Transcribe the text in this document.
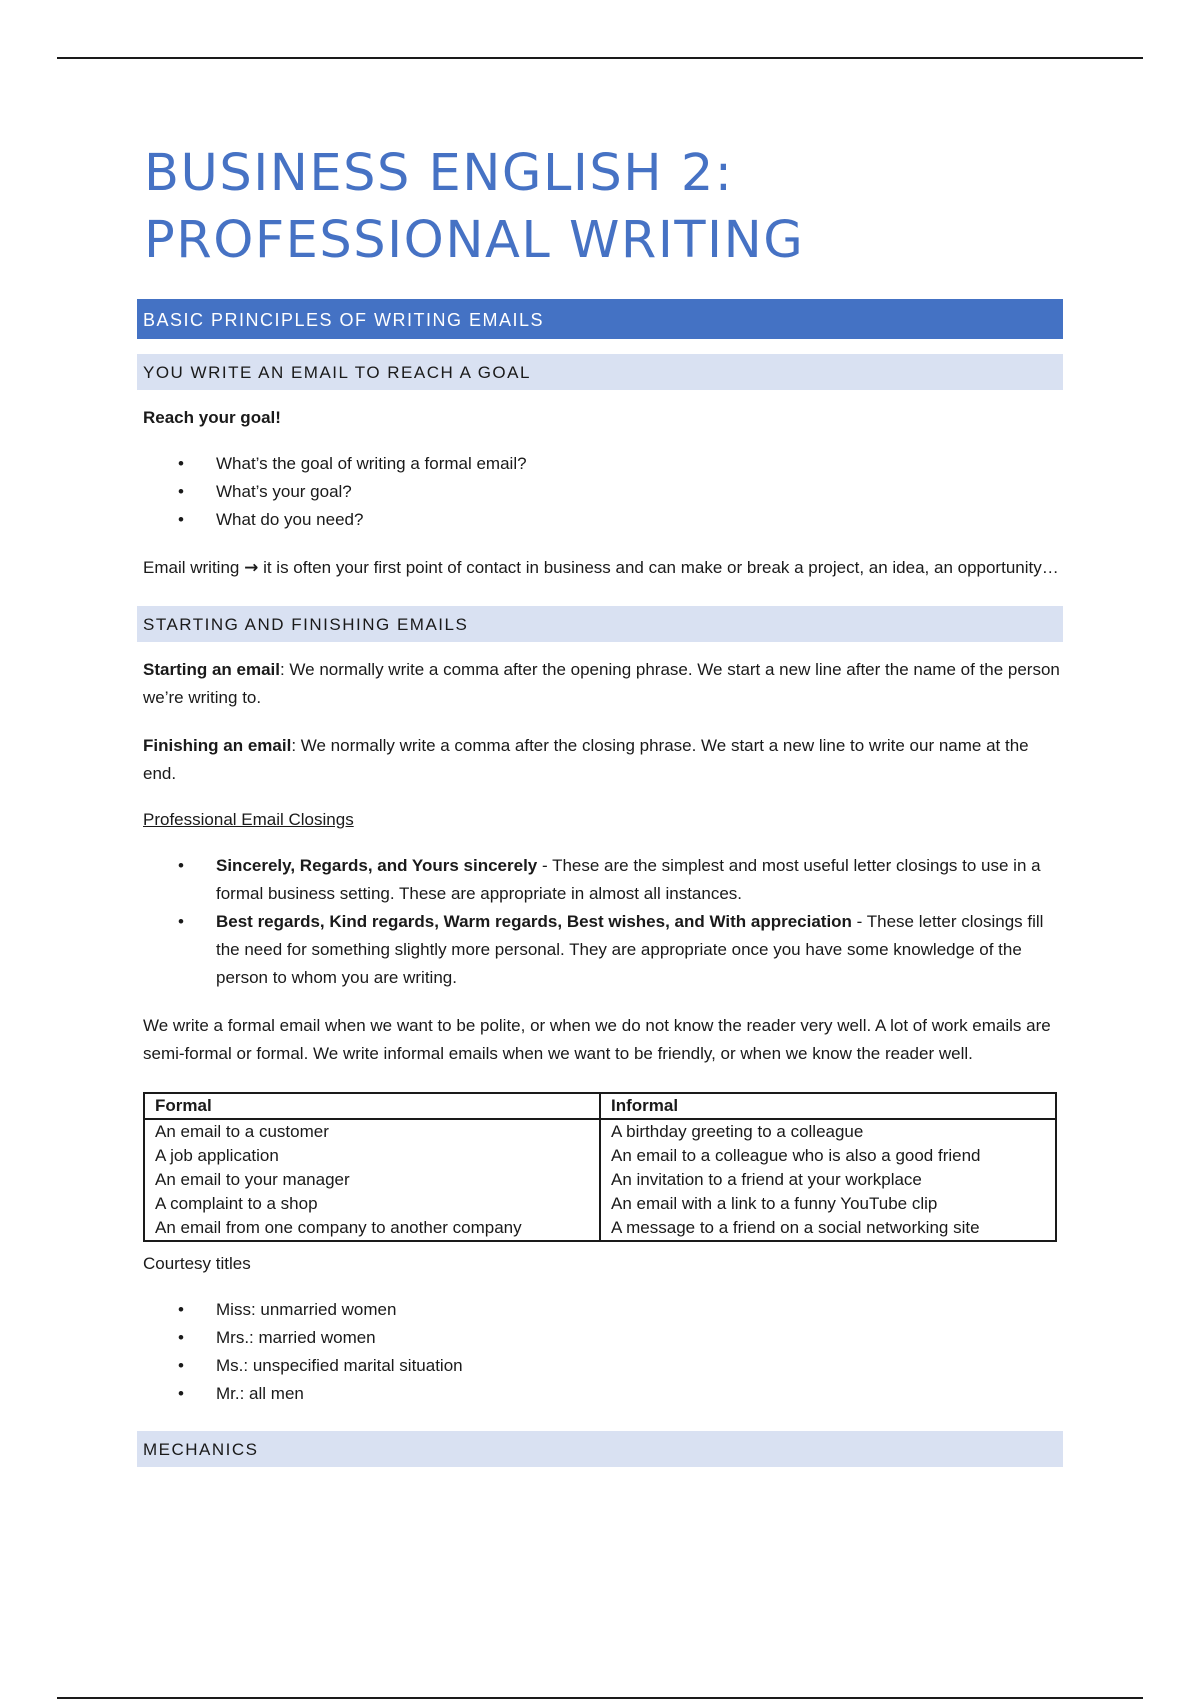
BUSINESS ENGLISH 2:
PROFESSIONAL WRITING
BASIC PRINCIPLES OF WRITING EMAILS
YOU WRITE AN EMAIL TO REACH A GOAL

Reach your goal!

• What’s the goal of writing a formal email?
• What’s your goal?
• What do you need?

Email writing → it is often your first point of contact in business and can make or break a project, an idea, an opportunity…

STARTING AND FINISHING EMAILS

Starting an email: We normally write a comma after the opening phrase. We start a new line after the name of the person we’re writing to.

Finishing an email: We normally write a comma after the closing phrase. We start a new line to write our name at the end.

Professional Email Closings

• Sincerely, Regards, and Yours sincerely - These are the simplest and most useful letter closings to use in a formal business setting. These are appropriate in almost all instances.
• Best regards, Kind regards, Warm regards, Best wishes, and With appreciation - These letter closings fill the need for something slightly more personal. They are appropriate once you have some knowledge of the person to whom you are writing.

We write a formal email when we want to be polite, or when we do not know the reader very well. A lot of work emails are semi-formal or formal. We write informal emails when we want to be friendly, or when we know the reader well.

Formal	Informal
An email to a customer	A birthday greeting to a colleague
A job application	An email to a colleague who is also a good friend
An email to your manager	An invitation to a friend at your workplace
A complaint to a shop	An email with a link to a funny YouTube clip
An email from one company to another company	A message to a friend on a social networking site

Courtesy titles

• Miss: unmarried women
• Mrs.: married women
• Ms.: unspecified marital situation
• Mr.: all men
MECHANICS
